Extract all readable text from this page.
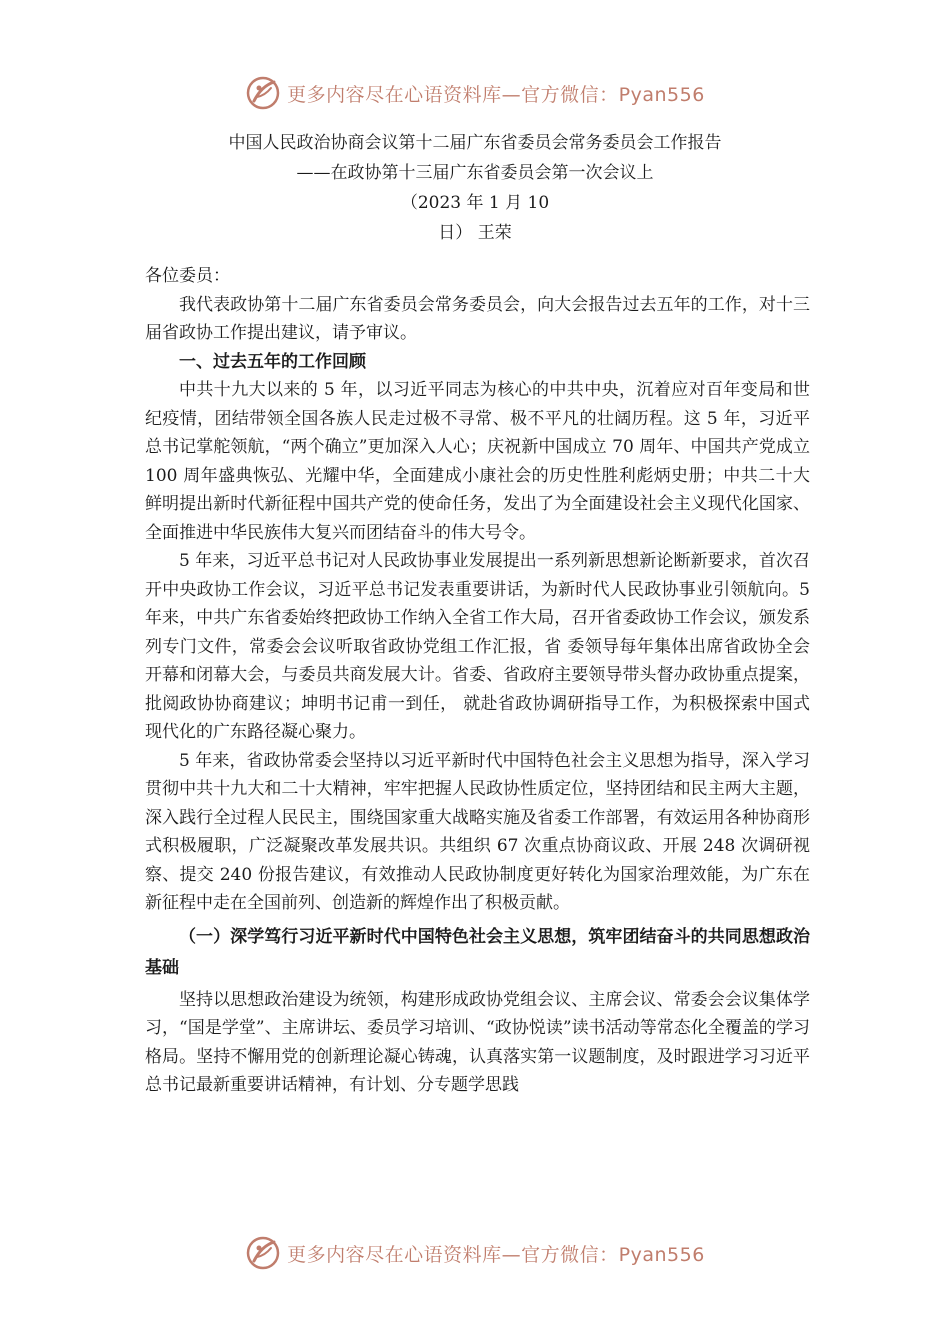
更多内容尽在心语资料库—官方微信：Pyan556
中国人民政治协商会议第十二届广东省委员会常务委员会工作报告
——在政协第十三届广东省委员会第一次会议上
（2023 年 1 月 10
日） 王荣

各位委员：

我代表政协第十二届广东省委员会常务委员会，向大会报告过去五年的工作，对十三届省政协工作提出建议，请予审议。

一、过去五年的工作回顾

中共十九大以来的 5 年，以习近平同志为核心的中共中央，沉着应对百年变局和世纪疫情，团结带领全国各族人民走过极不寻常、极不平凡的壮阔历程。这 5 年，习近平总书记掌舵领航，“两个确立”更加深入人心；庆祝新中国成立 70 周年、中国共产党成立 100 周年盛典恢弘、光耀中华，全面建成小康社会的历史性胜利彪炳史册；中共二十大鲜明提出新时代新征程中国共产党的使命任务，发出了为全面建设社会主义现代化国家、全面推进中华民族伟大复兴而团结奋斗的伟大号令。

5 年来，习近平总书记对人民政协事业发展提出一系列新思想新论断新要求，首次召开中央政协工作会议，习近平总书记发表重要讲话，为新时代人民政协事业引领航向。5 年来，中共广东省委始终把政协工作纳入全省工作大局，召开省委政协工作会议，颁发系列专门文件，常委会会议听取省政协党组工作汇报，省 委领导每年集体出席省政协全会开幕和闭幕大会，与委员共商发展大计。省委、省政府主要领导带头督办政协重点提案，批阅政协协商建议；坤明书记甫一到任， 就赴省政协调研指导工作，为积极探索中国式现代化的广东路径凝心聚力。

5 年来，省政协常委会坚持以习近平新时代中国特色社会主义思想为指导，深入学习贯彻中共十九大和二十大精神，牢牢把握人民政协性质定位，坚持团结和民主两大主题，深入践行全过程人民民主，围绕国家重大战略实施及省委工作部署，有效运用各种协商形式积极履职，广泛凝聚改革发展共识。共组织 67 次重点协商议政、开展 248 次调研视察、提交 240 份报告建议，有效推动人民政协制度更好转化为国家治理效能，为广东在新征程中走在全国前列、创造新的辉煌作出了积极贡献。

（一）深学笃行习近平新时代中国特色社会主义思想，筑牢团结奋斗的共同思想政治基础

坚持以思想政治建设为统领，构建形成政协党组会议、主席会议、常委会会议集体学习，“国是学堂”、主席讲坛、委员学习培训、“政协悦读”读书活动等常态化全覆盖的学习格局。坚持不懈用党的创新理论凝心铸魂，认真落实第一议题制度，及时跟进学习习近平总书记最新重要讲话精神，有计划、分专题学思践

更多内容尽在心语资料库—官方微信：Pyan556
